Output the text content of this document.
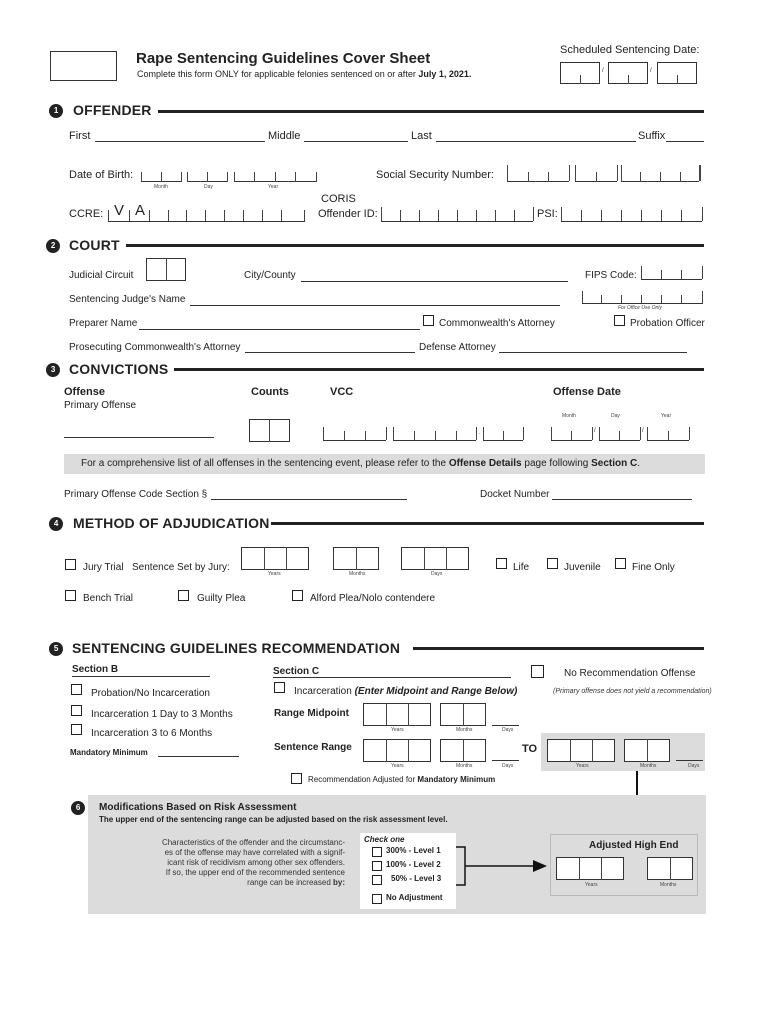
Rape Sentencing Guidelines Cover Sheet
Complete this form ONLY for applicable felonies sentenced on or after July 1, 2021.
Scheduled Sentencing Date:
/	/
1	OFFENDER
First	Middle	Last	Suffix
Date of Birth:
Month	Day	Year
Social Security Number:
CCRE: V A
CORIS
Offender ID:	PSI:
2 COURT
Judicial Circuit	City/County	FIPS Code:
Sentencing Judge's Name
For Office Use Only
Preparer Name	Commonwealth's Attorney	Probation Officer
Prosecuting Commonwealth's Attorney	Defense Attorney
3 CONVICTIONS
Offense
Primary Offense
Counts	VCC	Offense Date
Month	Day	Year
.	/	/
For a comprehensive list of all offenses in the sentencing event, please refer to the Offense Details page following Section C.
Primary Offense Code Section §	Docket Number
4	METHOD OF ADJUDICATION
Jury Trial Sentence Set by Jury:
Years	Months	Days
Life	Juvenile	Fine Only
Bench Trial	Guilty Plea	Alford Plea/Nolo contendere
5 SENTENCING GUIDELINES RECOMMENDATION
Section B
Probation/No Incarceration
Incarceration 1 Day to 3 Months
Incarceration 3 to 6 Months
Mandatory Minimum
Section C	No Recommendation Offense
(Primary offense does not yield a recommendation)
Incarceration (Enter Midpoint and Range Below)
Range Midpoint
Years	Months	Days
Sentence Range
Years	Months	Days
TO
Years	Months	Days
Recommendation Adjusted for Mandatory Minimum
6	Modifications Based on Risk Assessment
The upper end of the sentencing range can be adjusted based on the risk assessment level.
Characteristics of the offender and the circumstanc-
es of the offense may have correlated with a signif-
icant risk of recidivism among other sex offenders.
If so, the upper end of the recommended sentence
range can be increased by:
Check one
300% - Level 1
100% - Level 2
50% - Level 3
No Adjustment
Adjusted High End
Years	Months
